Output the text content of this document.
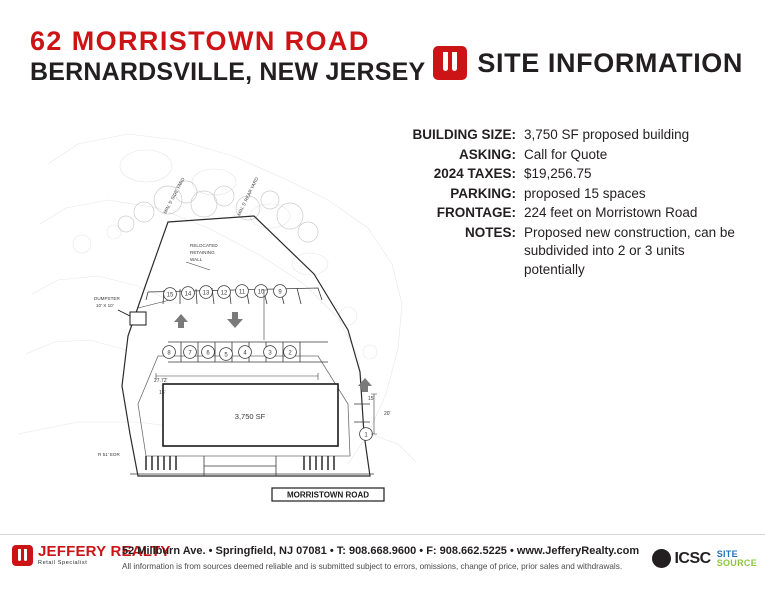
62 MORRISTOWN ROAD
BERNARDSVILLE, NEW JERSEY SITE INFORMATION
BUILDING SIZE: 3,750 SF proposed building
ASKING: Call for Quote
2024 TAXES: $19,256.75
PARKING: proposed 15 spaces
FRONTAGE: 224 feet on Morristown Road
NOTES: Proposed new construction, can be subdivided into 2 or 3 units potentially
3,750 SF
15 14 13 12 11 10 9
8	7 6 5	4	3	2
1
RELOCATED
RETAINING
WALL
DUMPSTER
10' X 10'
MIN. 5' SIDE YARD	MIN. 5' REAR YARD
R 51' EOR
27.72'
15'
15'
20'
MORRISTOWN ROAD
JEFFERY REALTY
Retail Specialist
52 Millburn Ave. • Springfield, NJ 07081 • T: 908.668.9600 • F: 908.662.5225 • www.JefferyRealty.com
All information is from sources deemed reliable and is submitted subject to errors, omissions, change of price, prior sales and withdrawals.	ICSC SITE
SOURCE
